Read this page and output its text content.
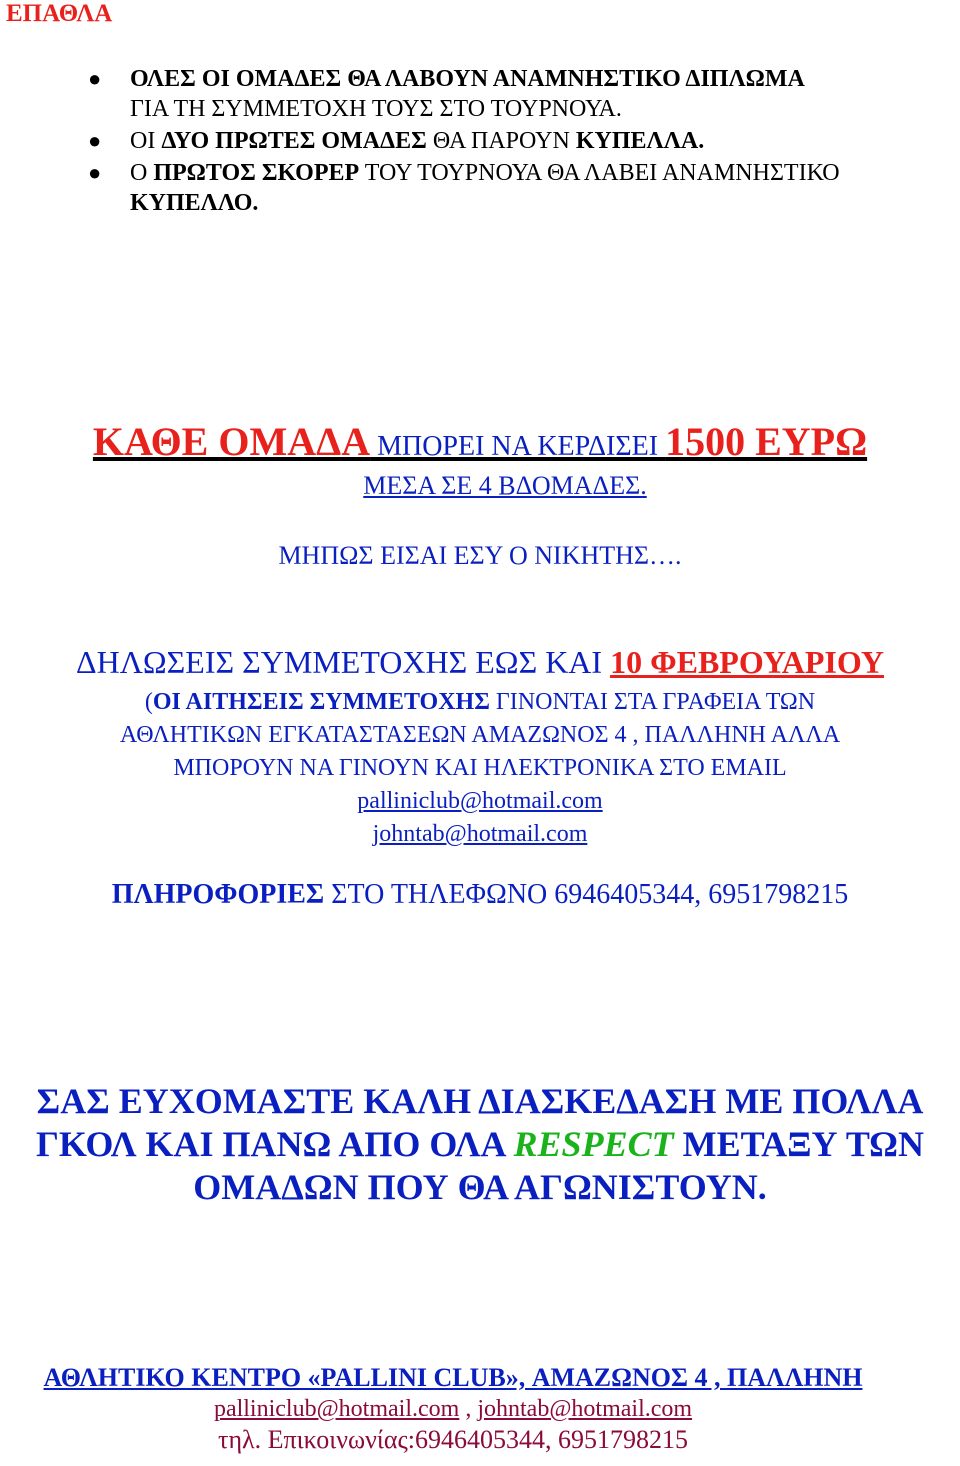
ΕΠΑΘΛΑ
● ΟΛΕΣ ΟΙ ΟΜΑΔΕΣ ΘΑ ΛΑΒΟΥΝ ΑΝΑΜΝΗΣΤΙΚΟ ΔΙΠΛΩΜΑ
ΓΙΑ ΤΗ ΣΥΜΜΕΤΟΧΗ ΤΟΥΣ ΣΤΟ ΤΟΥΡΝΟΥΑ.
● ΟΙ ΔΥΟ ΠΡΩΤΕΣ ΟΜΑΔΕΣ ΘΑ ΠΑΡΟΥΝ ΚΥΠΕΛΛΑ.
● Ο ΠΡΩΤΟΣ ΣΚΟΡΕΡ ΤΟΥ ΤΟΥΡΝΟΥΑ ΘΑ ΛΑΒΕΙ ΑΝΑΜΝΗΣΤΙΚΟ ΚΥΠΕΛΛΟ.
ΚΑΘΕ ΟΜΑΔΑ ΜΠΟΡΕΙ ΝΑ ΚΕΡΔΙΣΕΙ 1500 ΕΥΡΩ
ΜΕΣΑ ΣΕ 4 ΒΔΟΜΑΔΕΣ.
ΜΗΠΩΣ ΕΙΣΑΙ ΕΣΥ Ο ΝΙΚΗΤΗΣ….
ΔΗΛΩΣΕΙΣ ΣΥΜΜΕΤΟΧΗΣ ΕΩΣ ΚΑΙ 10 ΦΕΒΡΟΥΑΡΙΟΥ
(ΟΙ ΑΙΤΗΣΕΙΣ ΣΥΜΜΕΤΟΧΗΣ ΓΙΝΟΝΤΑΙ ΣΤΑ ΓΡΑΦΕΙΑ ΤΩΝ
ΑΘΛΗΤΙΚΩΝ ΕΓΚΑΤΑΣΤΑΣΕΩΝ ΑΜΑΖΩΝΟΣ 4 , ΠΑΛΛΗΝΗ ΑΛΛΑ
ΜΠΟΡΟΥΝ ΝΑ ΓΙΝΟΥΝ ΚΑΙ ΗΛΕΚΤΡΟΝΙΚΑ ΣΤΟ EMAIL
palliniclub@hotmail.com
johntab@hotmail.com
ΠΛΗΡΟΦΟΡΙΕΣ ΣΤΟ ΤΗΛΕΦΩΝΟ 6946405344, 6951798215
ΣΑΣ ΕΥΧΟΜΑΣΤΕ ΚΑΛΗ ΔΙΑΣΚΕΔΑΣΗ ΜΕ ΠΟΛΛΑ
ΓΚΟΛ ΚΑΙ ΠΑΝΩ ΑΠΟ ΟΛΑ RESPECT ΜΕΤΑΞΥ ΤΩΝ
ΟΜΑΔΩΝ ΠΟΥ ΘΑ ΑΓΩΝΙΣΤΟΥΝ.
ΑΘΛΗΤΙΚΟ ΚΕΝΤΡΟ «PALLINI CLUB», ΑΜΑΖΩΝΟΣ 4 , ΠΑΛΛΗΝΗ
palliniclub@hotmail.com , johntab@hotmail.com
τηλ. Επικοινωνίας:6946405344, 6951798215
